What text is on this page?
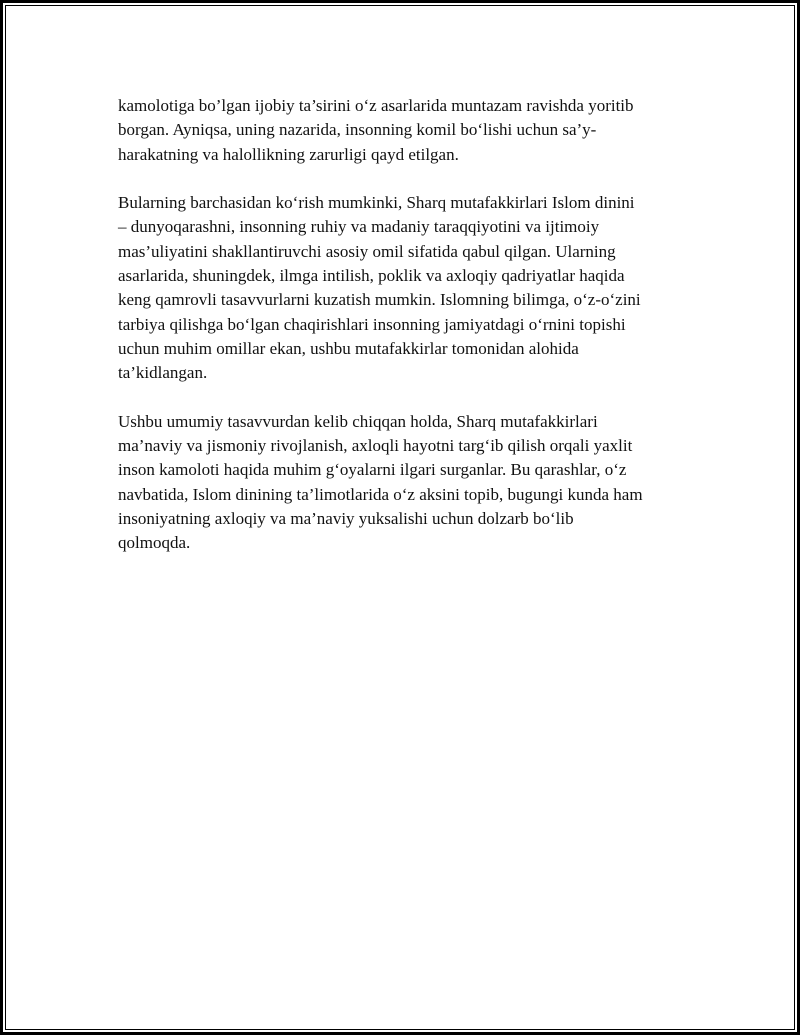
kamolotiga bo’lgan ijobiy ta’sirini o‘z asarlarida muntazam ravishda yoritib
borgan. Ayniqsa, uning nazarida, insonning komil bo‘lishi uchun sa’y-
harakatning va halollikning zarurligi qayd etilgan.
Bularning barchasidan ko‘rish mumkinki, Sharq mutafakkirlari Islom dinini
– dunyoqarashni, insonning ruhiy va madaniy taraqqiyotini va ijtimoiy
mas’uliyatini shakllantiruvchi asosiy omil sifatida qabul qilgan. Ularning
asarlarida, shuningdek, ilmga intilish, poklik va axloqiy qadriyatlar haqida
keng qamrovli tasavvurlarni kuzatish mumkin. Islomning bilimga, o‘z-o‘zini
tarbiya qilishga bo‘lgan chaqirishlari insonning jamiyatdagi o‘rnini topishi
uchun muhim omillar ekan, ushbu mutafakkirlar tomonidan alohida
ta’kidlangan.
Ushbu umumiy tasavvurdan kelib chiqqan holda, Sharq mutafakkirlari
ma’naviy va jismoniy rivojlanish, axloqli hayotni targ‘ib qilish orqali yaxlit
inson kamoloti haqida muhim g‘oyalarni ilgari surganlar. Bu qarashlar, o‘z
navbatida, Islom dinining ta’limotlarida o‘z aksini topib, bugungi kunda ham
insoniyatning axloqiy va ma’naviy yuksalishi uchun dolzarb bo‘lib
qolmoqda.
